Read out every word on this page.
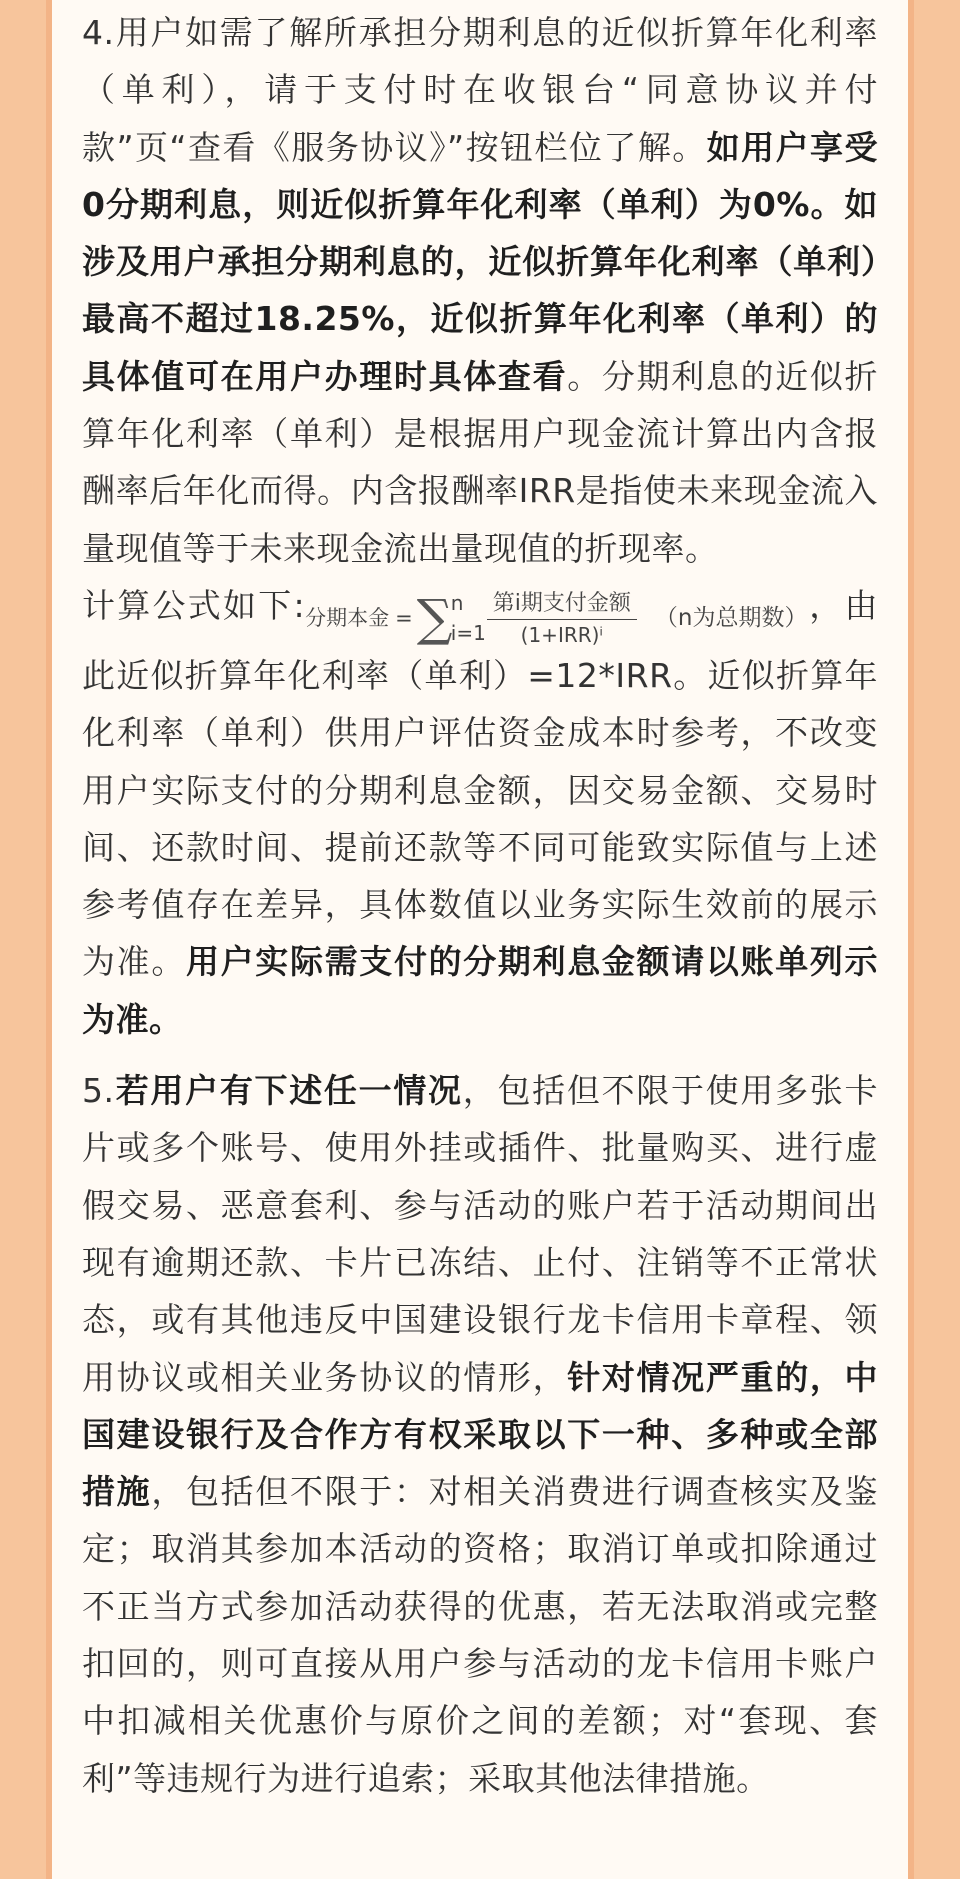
4.用户如需了解所承担分期利息的近似折算年化利率（单利），请于支付时在收银台“同意协议并付款”页“查看《服务协议》”按钮栏位了解。如用户享受0分期利息，则近似折算年化利率（单利）为0%。如涉及用户承担分期利息的，近似折算年化利率（单利）最高不超过18.25%，近似折算年化利率（单利）的具体值可在用户办理时具体查看。分期利息的近似折算年化利率（单利）是根据用户现金流计算出内含报酬率后年化而得。内含报酬率IRR是指使未来现金流入量现值等于未来现金流出量现值的折现率。
计算公式如下:分期本金 = ∑
n
$i=1 \frac{\text{第i期支付金额}}{\text{(1+IRR)ⁱ}} (n$为总期数），由此近似折算年化利率（单利）=12*IRR。近似折算年化利率（单利）供用户评估资金成本时参考，不改变用户实际支付的分期利息金额，因交易金额、交易时间、还款时间、提前还款等不同可能致实际值与上述参考值存在差异，具体数值以业务实际生效前的展示为准。用户实际需支付的分期利息金额请以账单列示为准。

5.若用户有下述任一情况，包括但不限于使用多张卡片或多个账号、使用外挂或插件、批量购买、进行虚假交易、恶意套利、参与活动的账户若于活动期间出现有逾期还款、卡片已冻结、止付、注销等不正常状态，或有其他违反中国建设银行龙卡信用卡章程、领用协议或相关业务协议的情形，针对情况严重的，中国建设银行及合作方有权采取以下一种、多种或全部措施，包括但不限于：对相关消费进行调查核实及鉴定；取消其参加本活动的资格；取消订单或扣除通过不正当方式参加活动获得的优惠，若无法取消或完整扣回的，则可直接从用户参与活动的龙卡信用卡账户中扣减相关优惠价与原价之间的差额；对“套现、套利”等违规行为进行追索；采取其他法律措施。
